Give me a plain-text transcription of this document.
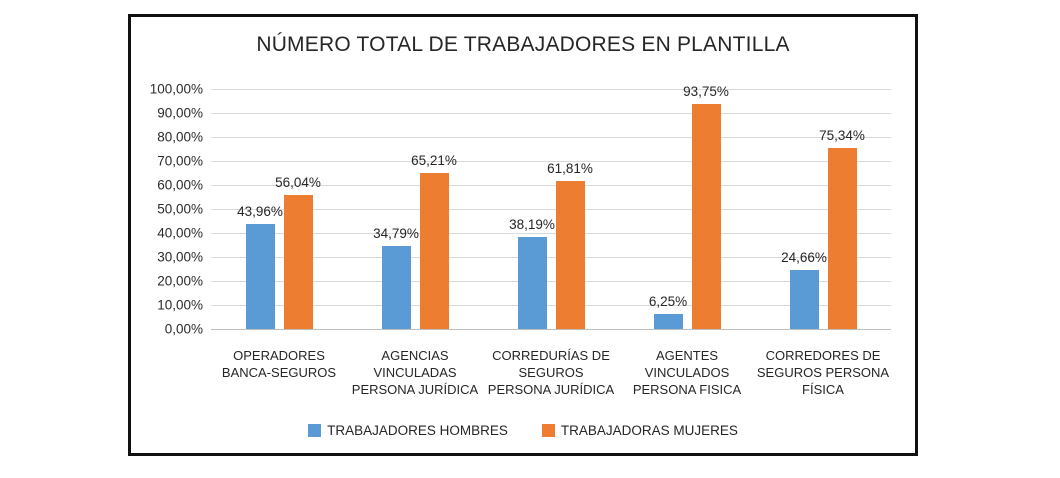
NÚMERO TOTAL DE TRABAJADORES EN PLANTILLA
100,00%
90,00%
80,00%
70,00%
60,00%
50,00%
40,00%
30,00%
20,00%
10,00%
0,00%
43,96%
56,04%
34,79%
65,21%
38,19%
61,81%
6,25%
93,75%
24,66%
75,34%
OPERADORES
BANCA-SEGUROS
AGENCIAS
VINCULADAS
PERSONA JURÍDICA
CORREDURÍAS DE
SEGUROS
PERSONA JURÍDICA
AGENTES
VINCULADOS
PERSONA FISICA
CORREDORES DE
SEGUROS PERSONA
FÍSICA
TRABAJADORES HOMBRES	TRABAJADORAS MUJERES
